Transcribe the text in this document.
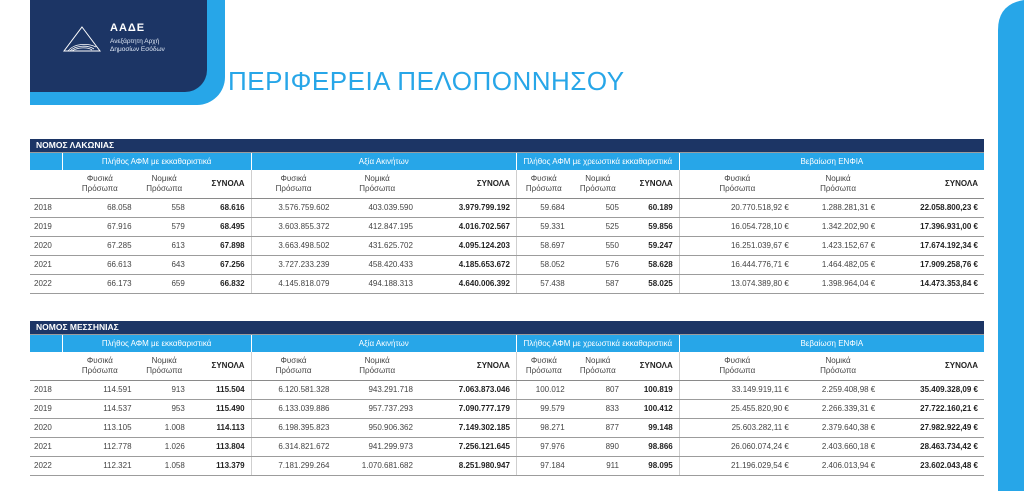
ΑΑΔΕ
Ανεξάρτητη Αρχή
Δημοσίων Εσόδων
ΠΕΡΙΦΕΡΕΙΑ ΠΕΛΟΠΟΝΝΗΣΟΥ
ΝΟΜΟΣ ΛΑΚΩΝΙΑΣ												
	Πλήθος ΑΦΜ με εκκαθαριστικά			Αξία Ακινήτων			Πλήθος ΑΦΜ με χρεωστικά εκκαθαριστικά			Βεβαίωση ΕΝΦΙΑ		
	Φυσικά
Πρόσωπα	Νομικά
Πρόσωπα	ΣΥΝΟΛΑ	Φυσικά
Πρόσωπα	Νομικά
Πρόσωπα	ΣΥΝΟΛΑ	Φυσικά
Πρόσωπα	Νομικά
Πρόσωπα	ΣΥΝΟΛΑ	Φυσικά
Πρόσωπα	Νομικά
Πρόσωπα	ΣΥΝΟΛΑ
2018	68.058	558	68.616	3.576.759.602	403.039.590	3.979.799.192	59.684	505	60.189	20.770.518,92 €	1.288.281,31 €	22.058.800,23 €
2019	67.916	579	68.495	3.603.855.372	412.847.195	4.016.702.567	59.331	525	59.856	16.054.728,10 €	1.342.202,90 €	17.396.931,00 €
2020	67.285	613	67.898	3.663.498.502	431.625.702	4.095.124.203	58.697	550	59.247	16.251.039,67 €	1.423.152,67 €	17.674.192,34 €
2021	66.613	643	67.256	3.727.233.239	458.420.433	4.185.653.672	58.052	576	58.628	16.444.776,71 €	1.464.482,05 €	17.909.258,76 €
2022	66.173	659	66.832	4.145.818.079	494.188.313	4.640.006.392	57.438	587	58.025	13.074.389,80 €	1.398.964,04 €	14.473.353,84 €
ΝΟΜΟΣ ΜΕΣΣΗΝΙΑΣ												
	Πλήθος ΑΦΜ με εκκαθαριστικά			Αξία Ακινήτων			Πλήθος ΑΦΜ με χρεωστικά εκκαθαριστικά			Βεβαίωση ΕΝΦΙΑ		
	Φυσικά
Πρόσωπα	Νομικά
Πρόσωπα	ΣΥΝΟΛΑ	Φυσικά
Πρόσωπα	Νομικά
Πρόσωπα	ΣΥΝΟΛΑ	Φυσικά
Πρόσωπα	Νομικά
Πρόσωπα	ΣΥΝΟΛΑ	Φυσικά
Πρόσωπα	Νομικά
Πρόσωπα	ΣΥΝΟΛΑ
2018	114.591	913	115.504	6.120.581.328	943.291.718	7.063.873.046	100.012	807	100.819	33.149.919,11 €	2.259.408,98 €	35.409.328,09 €
2019	114.537	953	115.490	6.133.039.886	957.737.293	7.090.777.179	99.579	833	100.412	25.455.820,90 €	2.266.339,31 €	27.722.160,21 €
2020	113.105	1.008	114.113	6.198.395.823	950.906.362	7.149.302.185	98.271	877	99.148	25.603.282,11 €	2.379.640,38 €	27.982.922,49 €
2021	112.778	1.026	113.804	6.314.821.672	941.299.973	7.256.121.645	97.976	890	98.866	26.060.074,24 €	2.403.660,18 €	28.463.734,42 €
2022	112.321	1.058	113.379	7.181.299.264	1.070.681.682	8.251.980.947	97.184	911	98.095	21.196.029,54 €	2.406.013,94 €	23.602.043,48 €
